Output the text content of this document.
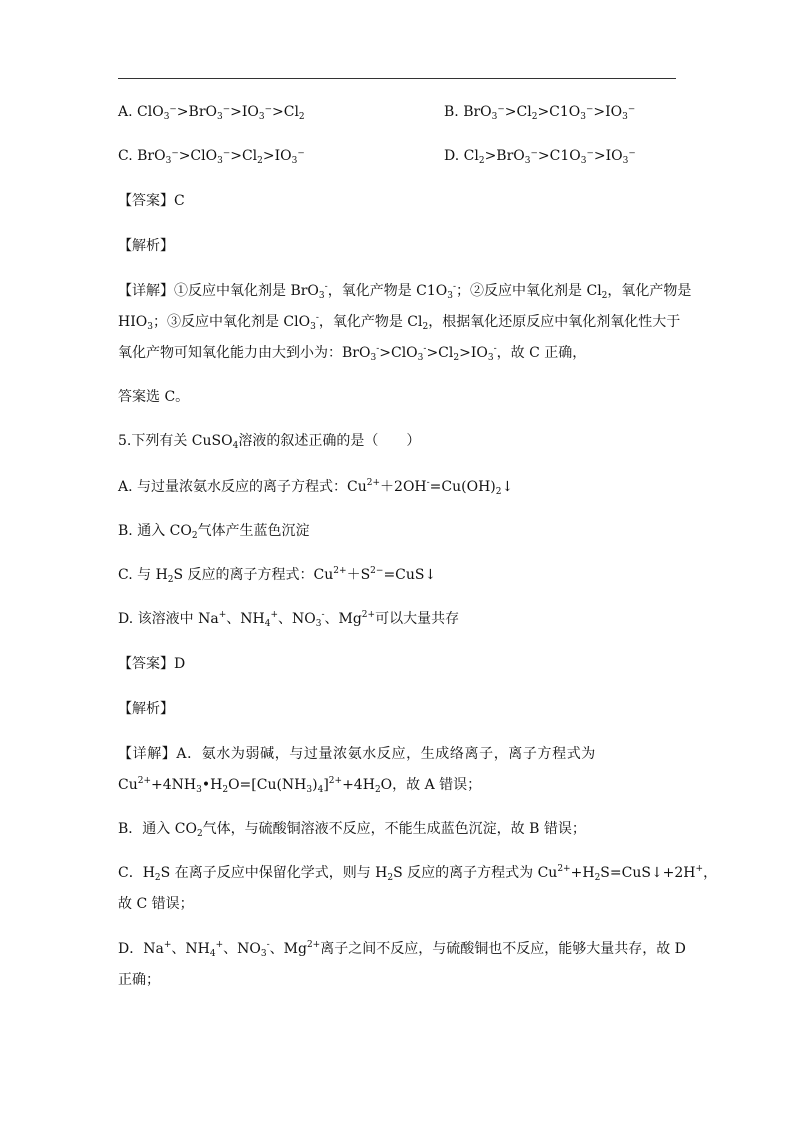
A. $ClO_3^->BrO_3^->IO_3^->Cl_2$	B. $BrO_3^->Cl_2>C1O_3^->IO_3^-$
C. $BrO_3^->ClO_3^->Cl_2>IO_3^-$	D. $Cl_2>BrO_3^->C1O_3^->IO_3^-$
【答案】C
【解析】
【详解】①反应中氧化剂是 BrO$_3$-，氧化产物是 $C1O_3^-$；②反应中氧化剂是 $Cl_2$，氧化产物是
$HIO_3$；③反应中氧化剂是 ClO$_3$-，氧化产物是 $Cl_2$，根据氧化还原反应中氧化剂氧化性大于
氧化产物可知氧化能力由大到小为：$BrO_3^->ClO_3^->Cl_2>IO_3^-$，故 C 正确，
答案选 C。
5.下列有关 CuSO$_4$溶液的叙述正确的是（　　）
A. 与过量浓氨水反应的离子方程式：$Cu^{2+}+2OH^-=Cu(OH)_2↓$
B. 通入 $CO_2$气体产生蓝色沉淀
C. 与 $H_2S$ 反应的离子方程式：$Cu^{2+}+S^{2-}=CuS↓$
D. 该溶液中 Na+、$NH_4^+$、$NO_3^-$、$Mg^{2+}$可以大量共存
【答案】D
【解析】
【详解】A．氨水为弱碱，与过量浓氨水反应，生成络离子，离子方程式为
$Cu^{2+}+4NH_3•H_2O=[Cu(NH_3)_4]^{2+}+4H_2O$，故 A 错误；
B．通入 $CO_2$气体，与硫酸铜溶液不反应，不能生成蓝色沉淀，故 B 错误；
C．$H_2S$ 在离子反应中保留化学式，则与 $H_2S$ 反应的离子方程式为 $Cu^{2+}+H_2S=CuS↓+2H^+$，
故 C 错误；
D．Na+、$NH_4^+$、$NO_3^-$、$Mg^{2+}$离子之间不反应，与硫酸铜也不反应，能够大量共存，故 D
正确；
